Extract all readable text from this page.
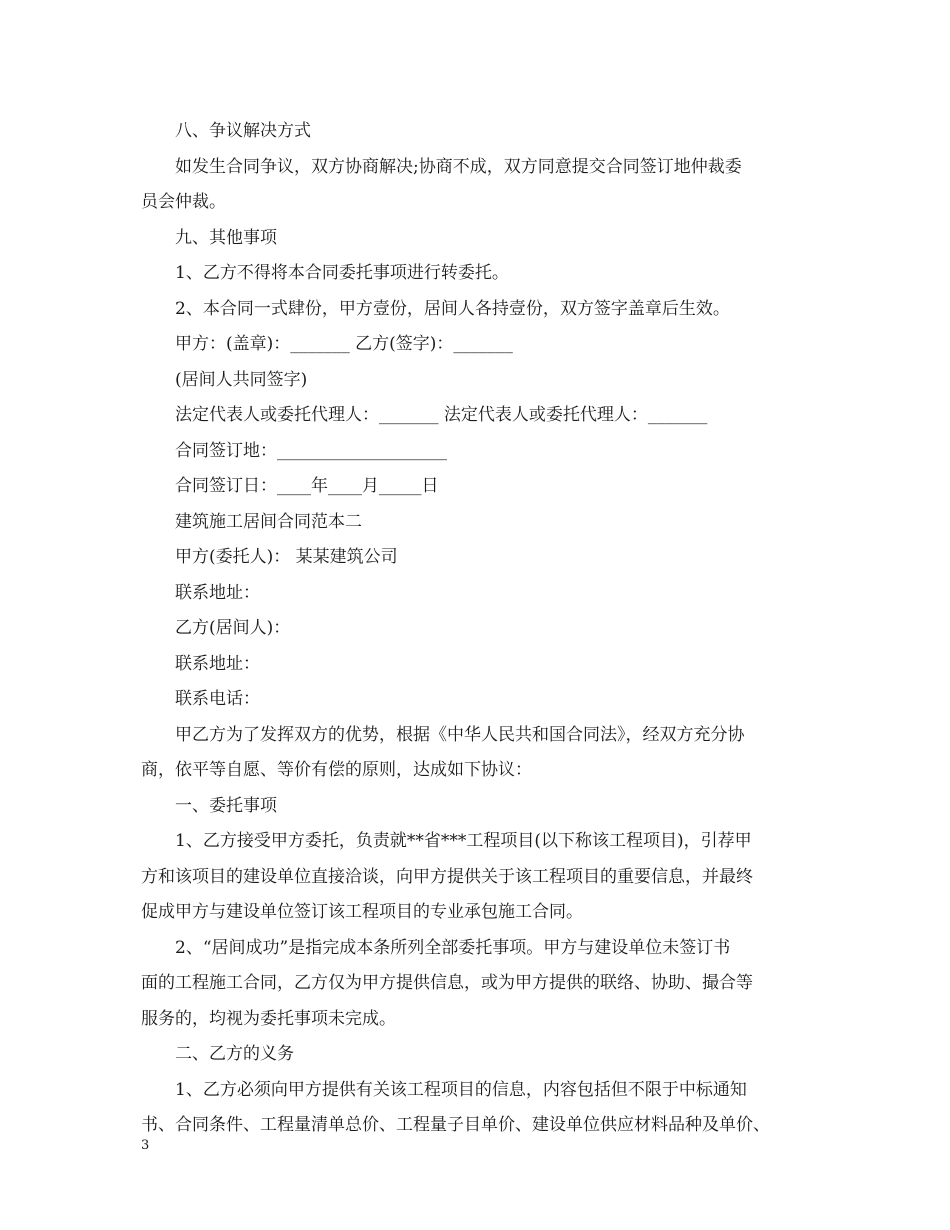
八、争议解决方式
如发生合同争议，双方协商解决;协商不成，双方同意提交合同签订地仲裁委
员会仲裁。
九、其他事项
1、乙方不得将本合同委托事项进行转委托。
2、本合同一式肆份，甲方壹份，居间人各持壹份，双方签字盖章后生效。
甲方：(盖章)：_______ 乙方(签字)：_______
(居间人共同签字)
法定代表人或委托代理人：_______ 法定代表人或委托代理人：_______
合同签订地：____________________
合同签订日：____年____月_____日
建筑施工居间合同范本二
甲方(委托人)： 某某建筑公司
联系地址：
乙方(居间人)：
联系地址：
联系电话：
甲乙方为了发挥双方的优势，根据《中华人民共和国合同法》，经双方充分协
商，依平等自愿、等价有偿的原则，达成如下协议：
一、委托事项
1、乙方接受甲方委托，负责就**省***工程项目(以下称该工程项目)，引荐甲
方和该项目的建设单位直接洽谈，向甲方提供关于该工程项目的重要信息，并最终
促成甲方与建设单位签订该工程项目的专业承包施工合同。
2、“居间成功”是指完成本条所列全部委托事项。甲方与建设单位未签订书
面的工程施工合同，乙方仅为甲方提供信息，或为甲方提供的联络、协助、撮合等
服务的，均视为委托事项未完成。
二、乙方的义务
1、乙方必须向甲方提供有关该工程项目的信息，内容包括但不限于中标通知
书、合同条件、工程量清单总价、工程量子目单价、建设单位供应材料品种及单价、
3
